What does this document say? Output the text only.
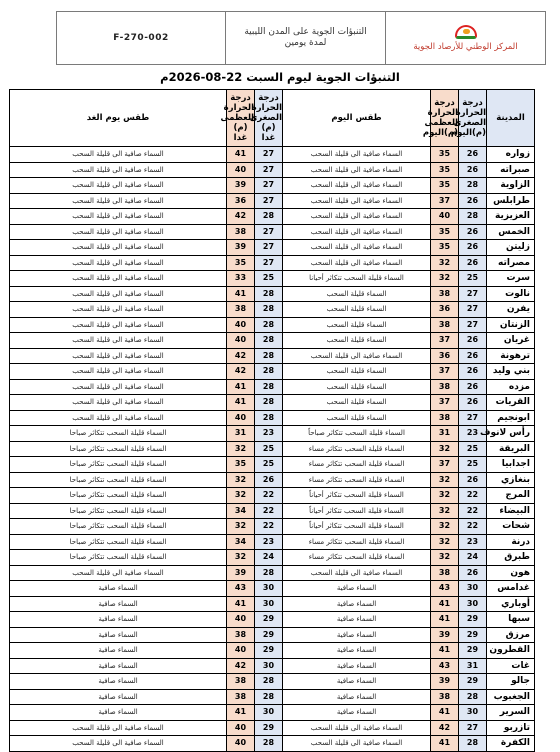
المركز الوطني للأرصاد الجوية
التنبؤات الجوية على المدن الليبية
لمدة يومين
F-270-002
التنبؤات الجوية ليوم السبت 22-08-2026م
المدينة	درجة الحرارة الصغرى (م)اليوم	درجة الحرارة العظمى (م)اليوم	طقس اليوم	درجة الحرارة الصغرى (م) غدا	درجة الحرارة العظمى (م) غدا	طقس يوم الغد
زواره	26	35	السماء صافية الى قليلة السحب	27	41	السماء صافية الى قليلة السحب
صبراته	26	35	السماء صافية الى قليلة السحب	27	40	السماء صافية الى قليلة السحب
الزاوية	28	35	السماء صافية الى قليلة السحب	27	39	السماء صافية الى قليلة السحب
طرابلس	26	37	السماء صافية الى قليلة السحب	27	36	السماء صافية الى قليلة السحب
العزيزية	28	40	السماء صافية الى قليلة السحب	28	42	السماء صافية الى قليلة السحب
الخمس	26	35	السماء صافية الى قليلة السحب	27	38	السماء صافية الى قليلة السحب
زليتن	26	35	السماء صافية الى قليلة السحب	27	39	السماء صافية الى قليلة السحب
مصراته	26	32	السماء صافية الى قليلة السحب	27	35	السماء صافية الى قليلة السحب
سرت	25	32	السماء قليلة السحب تتكاثر أحيانا	25	33	السماء صافية الى قليلة السحب
نالوت	27	38	السماء قليلة السحب	28	41	السماء صافية الى قليلة السحب
يفرن	27	36	السماء قليلة السحب	28	38	السماء صافية الى قليلة السحب
الزنتان	27	38	السماء قليلة السحب	28	40	السماء صافية الى قليلة السحب
غريان	26	37	السماء قليلة السحب	28	40	السماء صافية الى قليلة السحب
ترهونة	26	36	السماء صافية الى قليلة السحب	28	42	السماء صافية الى قليلة السحب
بني وليد	26	37	السماء قليلة السحب	28	42	السماء صافية الى قليلة السحب
مزده	26	38	السماء قليلة السحب	28	41	السماء صافية الى قليلة السحب
القريات	26	37	السماء قليلة السحب	28	41	السماء صافية الى قليلة السحب
ابونجيم	27	38	السماء قليلة السحب	28	40	السماء صافية الى قليلة السحب
رأس لانوف	23	31	السماء قليلة السحب تتكاثر صباحاً	23	31	السماء قليلة السحب تتكاثر صباحا
البريقة	25	32	السماء قليلة السحب تتكاثر مساء	25	32	السماء قليلة السحب تتكاثر صباحا
اجدابيا	25	37	السماء قليلة السحب تتكاثر مساء	25	35	السماء قليلة السحب تتكاثر صباحا
بنغازي	26	32	السماء قليلة السحب تتكاثر مساء	26	32	السماء قليلة السحب تتكاثر صباحا
المرج	22	32	السماء قليلة السحب تتكاثر أحياناً	22	32	السماء قليلة السحب تتكاثر صباحا
البيضاء	22	32	السماء قليلة السحب تتكاثر أحياناً	22	34	السماء قليلة السحب تتكاثر صباحا
شحات	22	32	السماء قليلة السحب تتكاثر أحياناً	22	32	السماء قليلة السحب تتكاثر صباحا
درنة	23	32	السماء قليلة السحب تتكاثر مساء	23	34	السماء قليلة السحب تتكاثر صباحا
طبرق	24	32	السماء قليلة السحب تتكاثر مساء	24	32	السماء قليلة السحب تتكاثر صباحا
هون	26	38	السماء صافية الى قليلة السحب	28	39	السماء صافية الى قليلة السحب
غدامس	30	43	السماء صافية	30	43	السماء صافية
أوباري	30	41	السماء صافية	30	41	السماء صافية
سبها	29	41	السماء صافية	29	40	السماء صافية
مرزق	29	39	السماء صافية	29	38	السماء صافية
القطرون	29	41	السماء صافية	29	40	السماء صافية
غات	31	43	السماء صافية	30	42	السماء صافية
جالو	29	39	السماء صافية	28	38	السماء صافية
الجغبوب	28	38	السماء صافية	28	38	السماء صافية
السرير	30	41	السماء صافية	30	41	السماء صافية
تازربو	27	42	السماء صافية الى قليلة السحب	29	40	السماء صافية الى قليلة السحب
الكفرة	28	41	السماء صافية الى قليلة السحب	28	40	السماء صافية الى قليلة السحب
